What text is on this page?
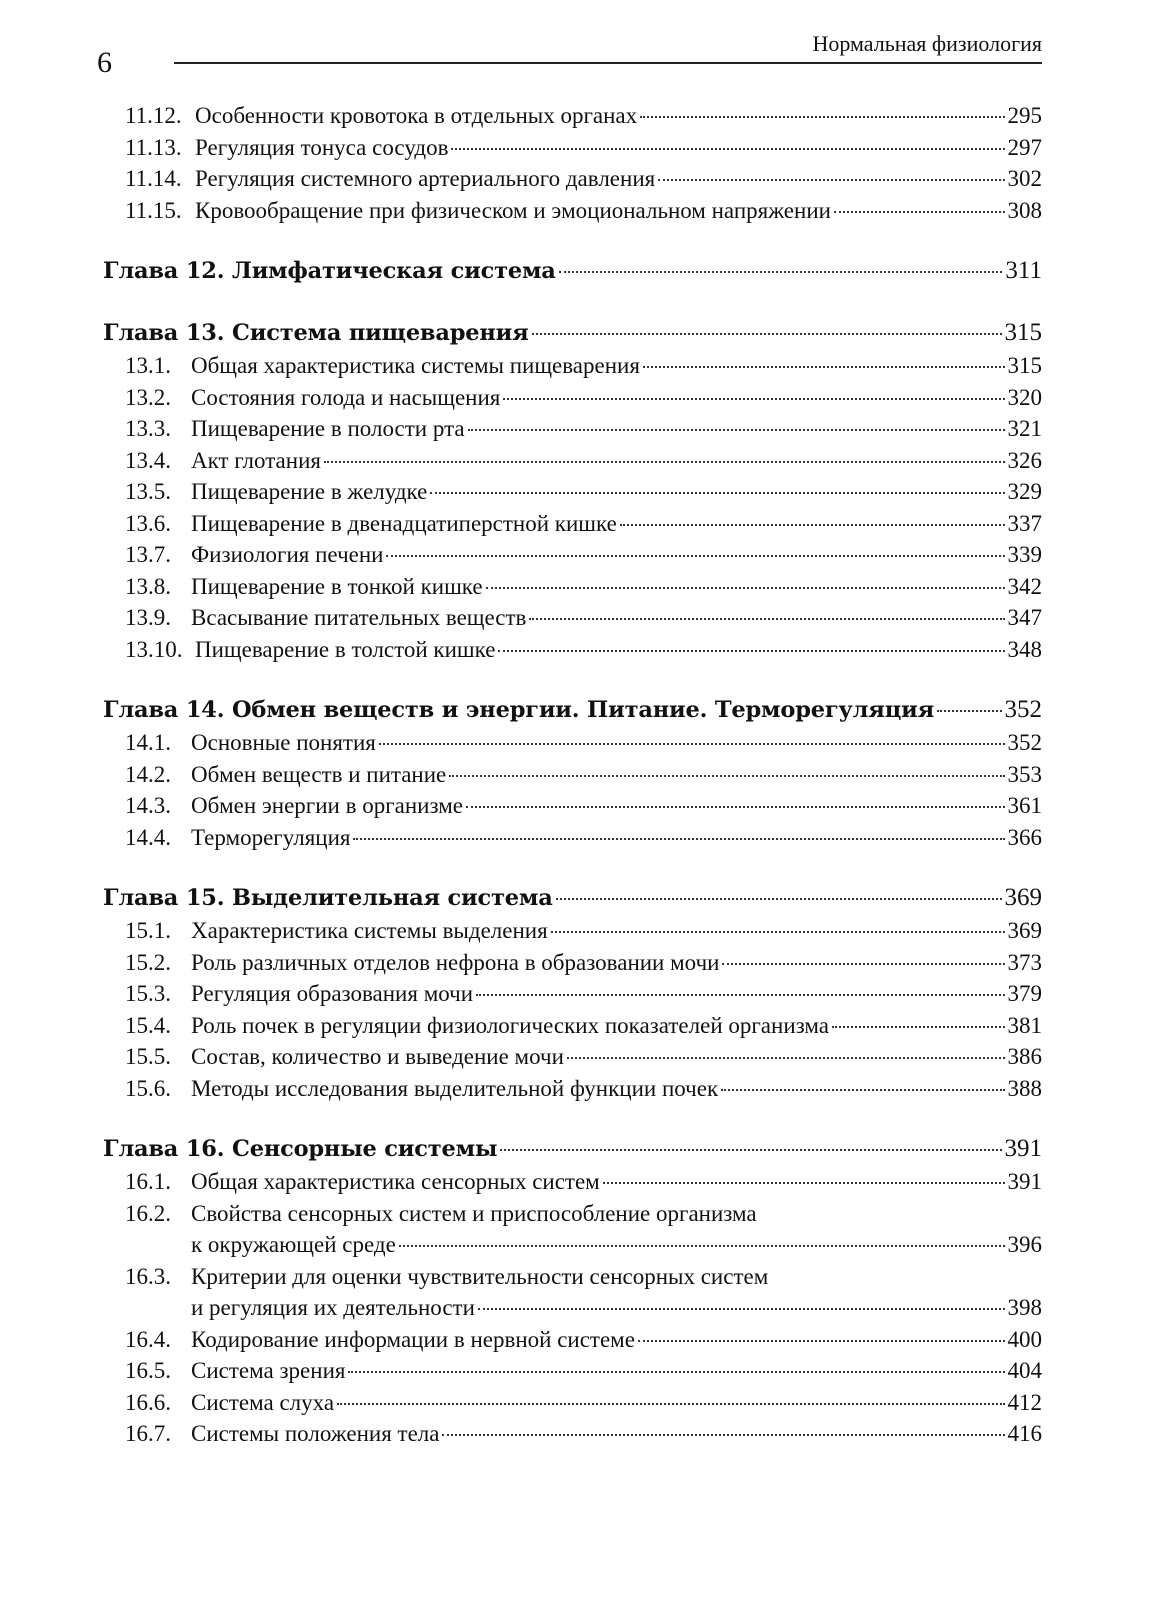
6
Нормальная физиология
11.12. Особенности кровотока в отдельных органах	295
11.13. Регуляция тонуса сосудов	297
11.14. Регуляция системного артериального давления	302
11.15. Кровообращение при физическом и эмоциональном напряжении	308
Глава 12. Лимфатическая система	311
Глава 13. Система пищеварения	315
13.1. Общая характеристика системы пищеварения	315
13.2. Состояния голода и насыщения	320
13.3. Пищеварение в полости рта	321
13.4. Акт глотания	326
13.5. Пищеварение в желудке	329
13.6. Пищеварение в двенадцатиперстной кишке	337
13.7. Физиология печени	339
13.8. Пищеварение в тонкой кишке	342
13.9. Всасывание питательных веществ	347
13.10. Пищеварение в толстой кишке	348
Глава 14. Обмен веществ и энергии. Питание. Терморегуляция	352
14.1. Основные понятия	352
14.2. Обмен веществ и питание	353
14.3. Обмен энергии в организме	361
14.4. Терморегуляция	366
Глава 15. Выделительная система	369
15.1. Характеристика системы выделения	369
15.2. Роль различных отделов нефрона в образовании мочи	373
15.3. Регуляция образования мочи	379
15.4. Роль почек в регуляции физиологических показателей организма	381
15.5. Состав, количество и выведение мочи	386
15.6. Методы исследования выделительной функции почек	388
Глава 16. Сенсорные системы	391
16.1. Общая характеристика сенсорных систем	391
16.2. Свойства сенсорных систем и приспособление организма
к окружающей среде	396
16.3. Критерии для оценки чувствительности сенсорных систем
и регуляция их деятельности	398
16.4. Кодирование информации в нервной системе	400
16.5. Система зрения	404
16.6. Система слуха	412
16.7. Системы положения тела	416
